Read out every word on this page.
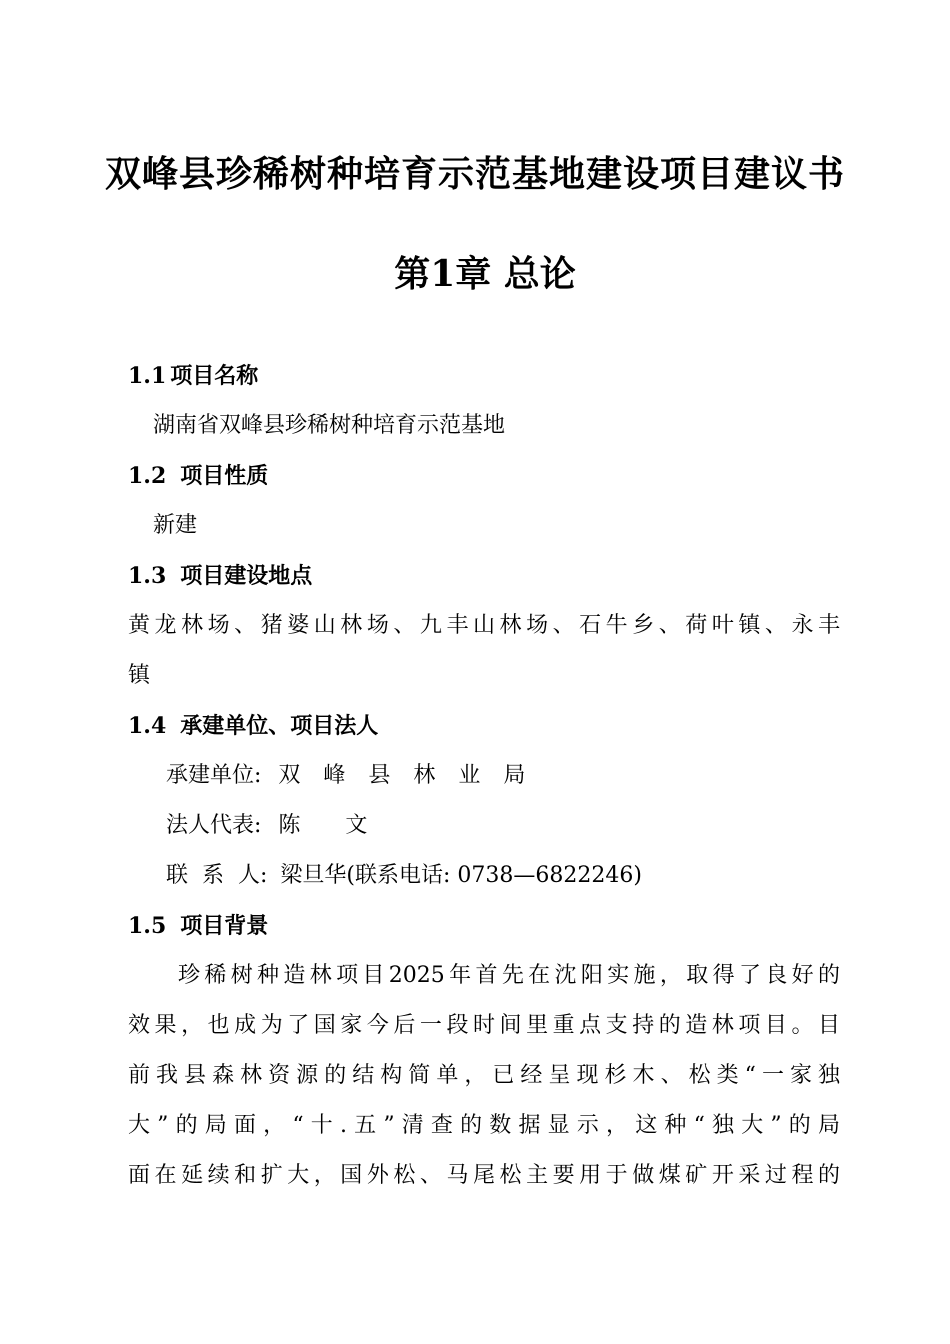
双峰县珍稀树种培育示范基地建设项目建议书
第1章 总论
1.1 项目名称
湖南省双峰县珍稀树种培育示范基地
1.2 项目性质
新建
1.3 项目建设地点
黄龙林场、猪婆山林场、九丰山林场、石牛乡、荷叶镇、永丰
镇
1.4 承建单位、项目法人
承建单位: 双 峰 县 林 业 局
法人代表: 陈   文
联  系  人: 梁旦华(联系电话: 0738—6822246)
1.5 项目背景
珍稀树种造林项目2025年首先在沈阳实施，取得了良好的
效果，也成为了国家今后一段时间里重点支持的造林项目。目
前我县森林资源的结构简单，已经呈现杉木、松类“一家独
大”的局面，“十.五”清查的数据显示，这种“独大”的局
面在延续和扩大，国外松、马尾松主要用于做煤矿开采过程的
